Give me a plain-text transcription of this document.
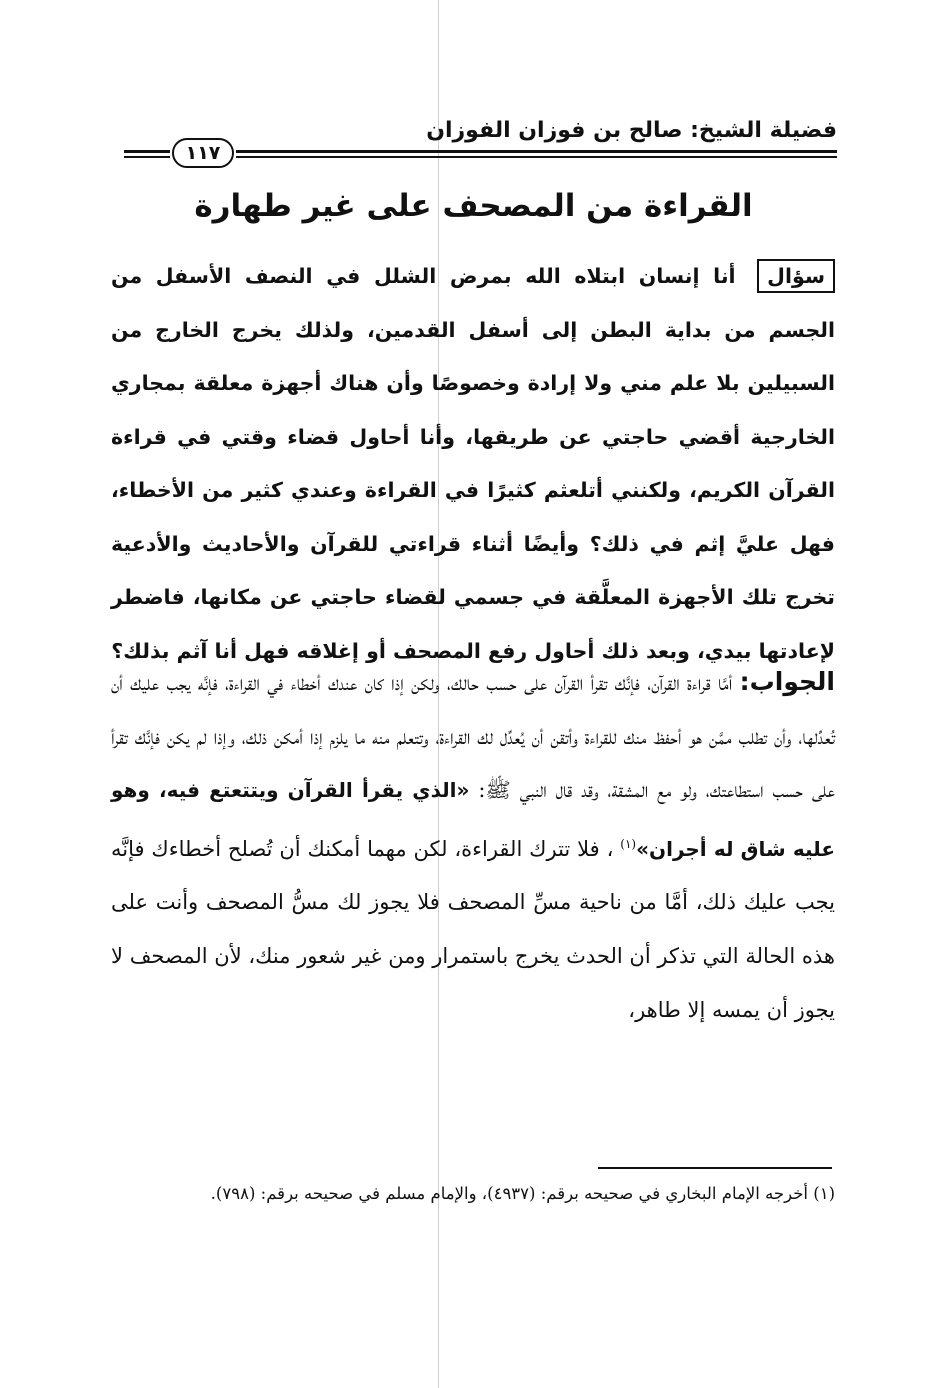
فضيلة الشيخ: صالح بن فوزان الفوزان
١١٧
القراءة من المصحف على غير طهارة
سؤال أنا إنسان ابتلاه الله بمرض الشلل في النصف الأسفل من الجسم من بداية البطن إلى أسفل القدمين، ولذلك يخرج الخارج من السبيلين بلا علم مني ولا إرادة وخصوصًا وأن هناك أجهزة معلقة بمجاري الخارجية أقضي حاجتي عن طريقها، وأنا أحاول قضاء وقتي في قراءة القرآن الكريم، ولكنني أتلعثم كثيرًا في القراءة وعندي كثير من الأخطاء، فهل عليَّ إثم في ذلك؟ وأيضًا أثناء قراءتي للقرآن والأحاديث والأدعية تخرج تلك الأجهزة المعلَّقة في جسمي لقضاء حاجتي عن مكانها، فاضطر لإعادتها بيدي، وبعد ذلك أحاول رفع المصحف أو إغلاقه فهل أنا آثم بذلك؟
الجواب: أمَّا قراءة القرآن، فإنَّك تقرأ القرآن على حسب حالك، ولكن إذا كان عندك أخطاء في القراءة، فإنَّه يجب عليك أن تُعدِّلها، وأن تطلب ممَّن هو أحفظ منك للقراءة وأتقن أن يُعدِّل لك القراءة، وتتعلم منه ما يلزم إذا أمكن ذلك، وإذا لم يكن فإنَّك تقرأ على حسب استطاعتك، ولو مع المشقة، وقد قال النبي ﷺ: «الذي يقرأ القرآن ويتتعتع فيه، وهو عليه شاق له أجران»$^{(١)}$ ، فلا تترك القراءة، لكن مهما أمكنك أن تُصلح أخطاءك فإنَّه يجب عليك ذلك، أمَّا من ناحية مسِّ المصحف فلا يجوز لك مسُّ المصحف وأنت على هذه الحالة التي تذكر أن الحدث يخرج باستمرار ومن غير شعور منك، لأن المصحف لا يجوز أن يمسه إلا طاهر،
(١) أخرجه الإمام البخاري في صحيحه برقم: (٤٩٣٧)، والإمام مسلم في صحيحه برقم: (٧٩٨).
